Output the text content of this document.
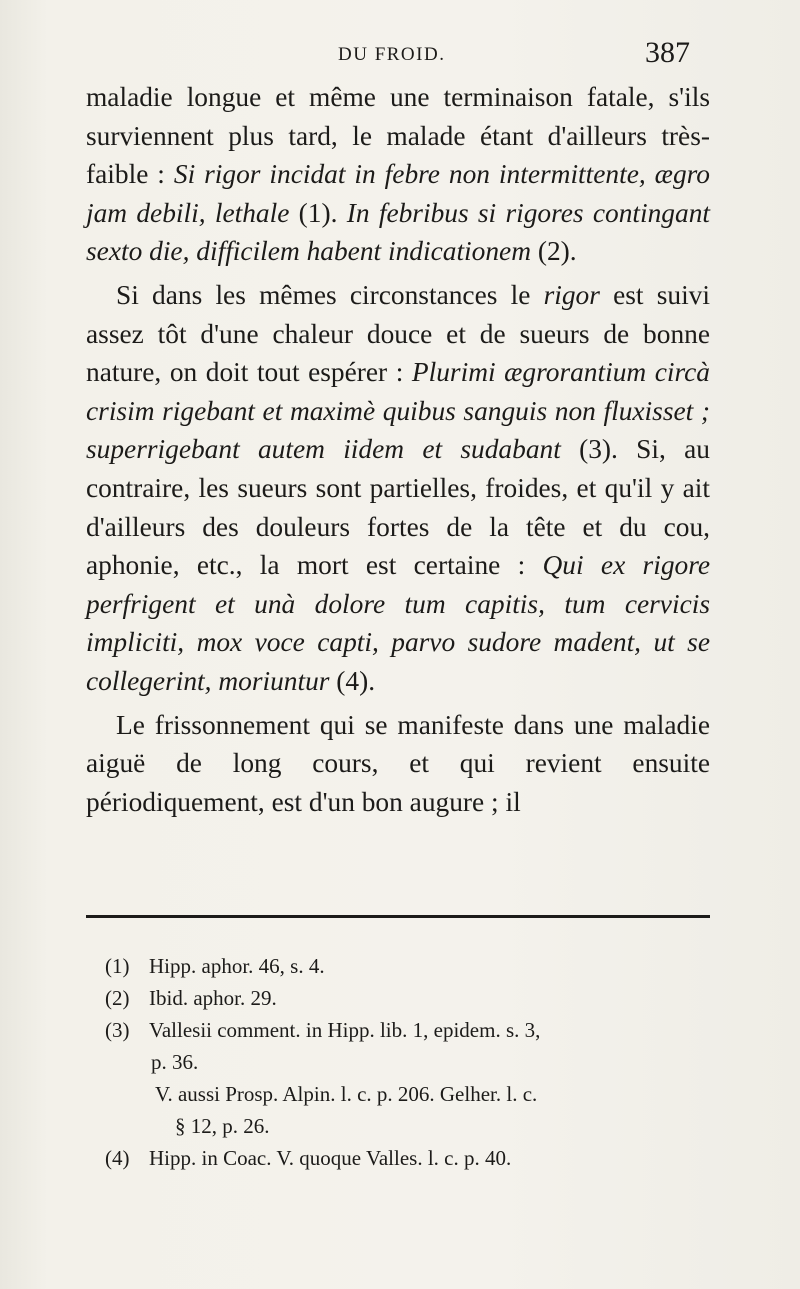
DU FROID.	387

maladie longue et même une terminaison fatale, s'ils surviennent plus tard, le malade étant d'ailleurs très-faible : Si rigor incidat in febre non intermittente, ægro jam debili, lethale (1). In febribus si rigores contingant sexto die, difficilem habent indicationem (2).

Si dans les mêmes circonstances le rigor est suivi assez tôt d'une chaleur douce et de sueurs de bonne nature, on doit tout espérer : Plurimi ægrorantium circà crisim rigebant et maximè quibus sanguis non fluxisset ; superrigebant autem iidem et sudabant (3). Si, au contraire, les sueurs sont partielles, froides, et qu'il y ait d'ailleurs des douleurs fortes de la tête et du cou, aphonie, etc., la mort est certaine : Qui ex rigore perfrigent et unà dolore tum capitis, tum cervicis impliciti, mox voce capti, parvo sudore madent, ut se collegerint, moriuntur (4).

Le frissonnement qui se manifeste dans une maladie aiguë de long cours, et qui revient ensuite périodiquement, est d'un bon augure ; il

(1) Hipp. aphor. 46, s. 4.
(2) Ibid. aphor. 29.
(3) Vallesii comment. in Hipp. lib. 1, epidem. s. 3,
p. 36.
V. aussi Prosp. Alpin. l. c. p. 206. Gelher. l. c.
§ 12, p. 26.
(4) Hipp. in Coac. V. quoque Valles. l. c. p. 40.
